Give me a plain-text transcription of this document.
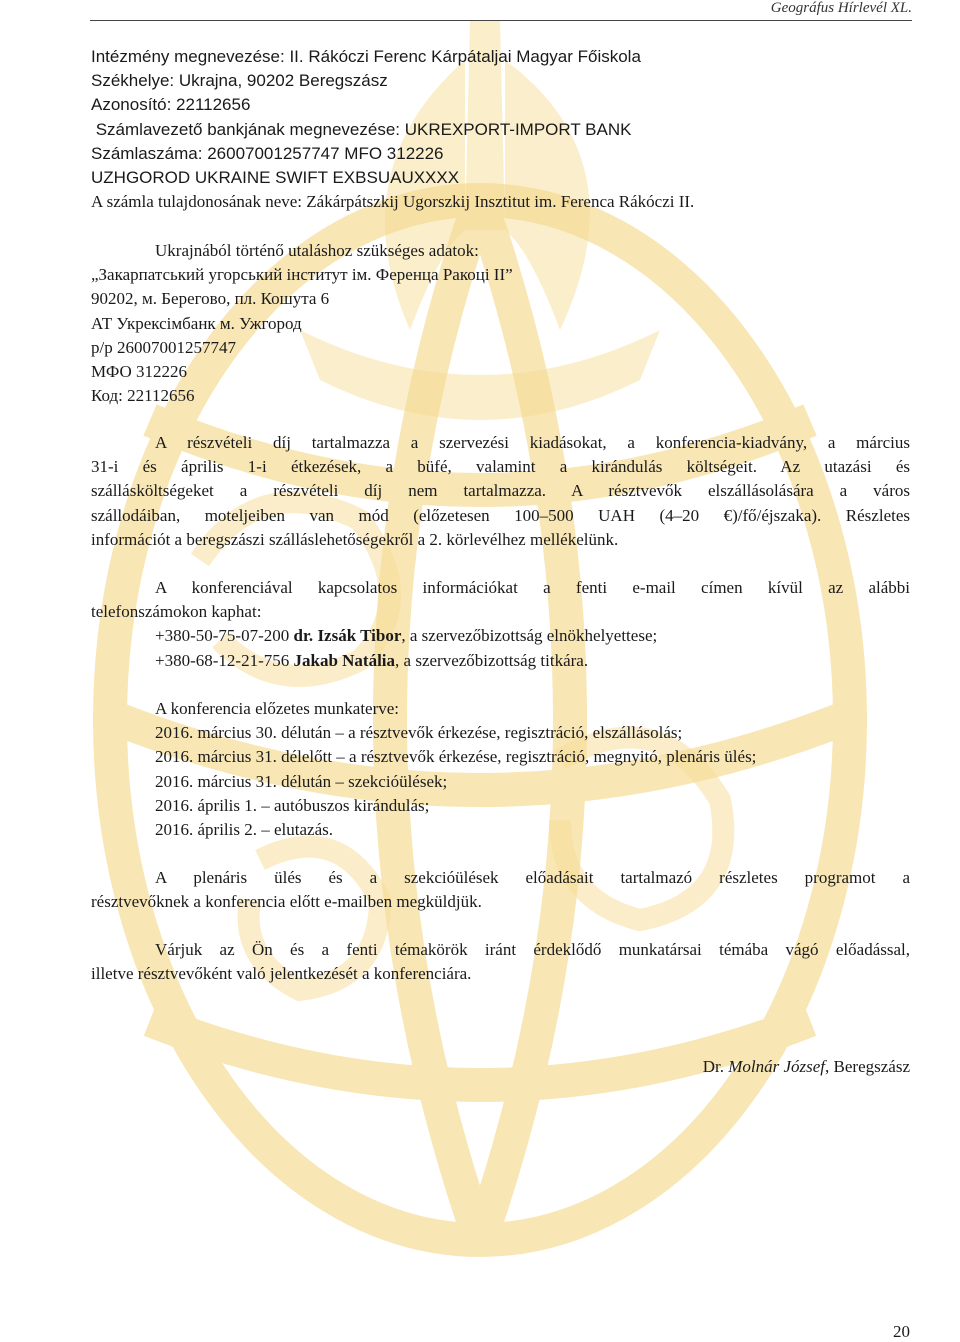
Geográfus Hírlevél XL.
Intézmény megnevezése: II. Rákóczi Ferenc Kárpátaljai Magyar Főiskola
Székhelye: Ukrajna, 90202 Beregszász
Azonosító: 22112656
Számlavezető bankjának megnevezése: UKREXPORT-IMPORT BANK
Számlaszáma: 26007001257747 MFO 312226
UZHGOROD UKRAINE SWIFT EXBSUAUXXXX
A számla tulajdonosának neve: Zákárpátszkij Ugorszkij Insztitut im. Ferenca Rákóczi II.
Ukrajnából történő utaláshoz szükséges adatok:
„Закарпатський угорський інститут ім. Ференца Ракоці II”
90202, м. Берегово, пл. Кошута 6
АТ Укрексімбанк м. Ужгород
р/р 26007001257747
МФО 312226
Код: 22112656
A részvételi díj tartalmazza a szervezési kiadásokat, a konferencia-kiadvány, a március
31-i és április 1-i étkezések, a büfé, valamint a kirándulás költségeit. Az utazási és
szállásköltségeket a részvételi díj nem tartalmazza. A résztvevők elszállásolására a város
szállodáiban, moteljeiben van mód (előzetesen 100–500 UAH (4–20 €)/fő/éjszaka). Részletes
információt a beregszászi szálláslehetőségekről a 2. körlevélhez mellékelünk.
A konferenciával kapcsolatos információkat a fenti e-mail címen kívül az alábbi
telefonszámokon kaphat:
+380-50-75-07-200 dr. Izsák Tibor, a szervezőbizottság elnökhelyettese;
+380-68-12-21-756 Jakab Natália, a szervezőbizottság titkára.
A konferencia előzetes munkaterve:
2016. március 30. délután – a résztvevők érkezése, regisztráció, elszállásolás;
2016. március 31. délelőtt – a résztvevők érkezése, regisztráció, megnyitó, plenáris ülés;
2016. március 31. délután – szekcióülések;
2016. április 1. – autóbuszos kirándulás;
2016. április 2. – elutazás.
A plenáris ülés és a szekcióülések előadásait tartalmazó részletes programot a
résztvevőknek a konferencia előtt e-mailben megküldjük.
Várjuk az Ön és a fenti témakörök iránt érdeklődő munkatársai témába vágó előadással,
illetve résztvevőként való jelentkezését a konferenciára.
Dr. Molnár József, Beregszász
20
